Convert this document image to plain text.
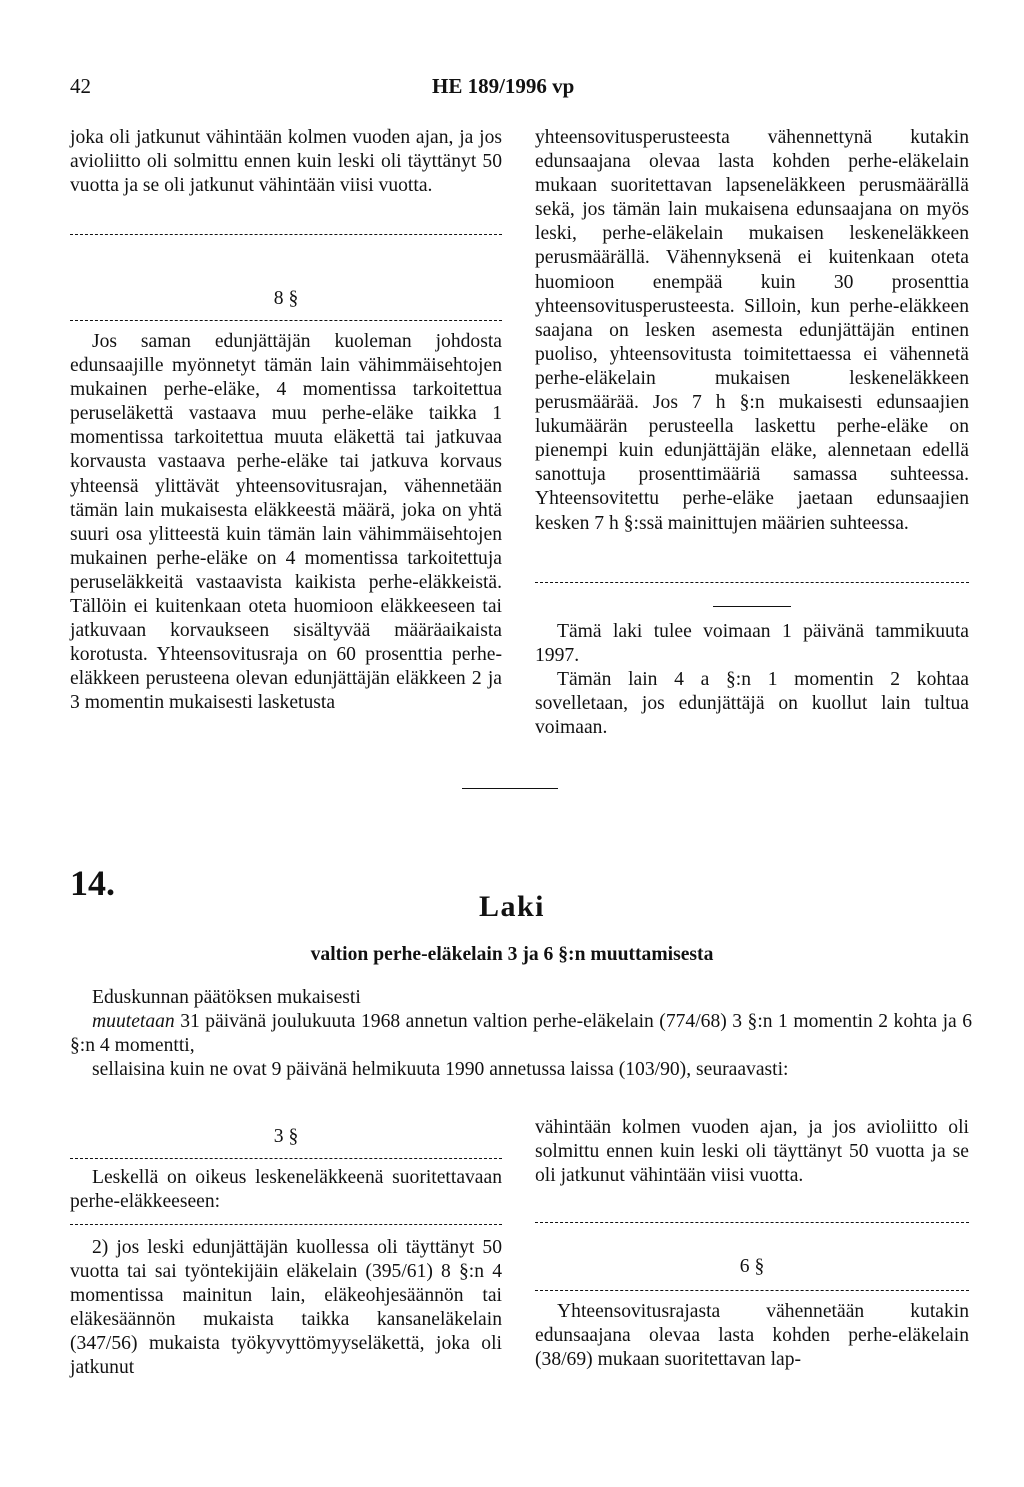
42	HE 189/1996 vp

joka oli jatkunut vähintään kolmen vuoden ajan, ja jos avioliitto oli solmittu ennen kuin leski oli täyttänyt 50 vuotta ja se oli jatkunut vähintään viisi vuotta.

8 §

Jos saman edunjättäjän kuoleman johdosta edunsaajille myönnetyt tämän lain vähimmäisehtojen mukainen perhe-eläke, 4 momentissa tarkoitettua peruseläkettä vastaava muu perhe-eläke taikka 1 momentissa tarkoitettua muuta eläkettä tai jatkuvaa korvausta vastaava perhe-eläke tai jatkuva korvaus yhteensä ylittävät yhteensovitusrajan, vähennetään tämän lain mukaisesta eläkkeestä määrä, joka on yhtä suuri osa ylitteestä kuin tämän lain vähimmäisehtojen mukainen perhe-eläke on 4 momentissa tarkoitettuja peruseläkkeitä vastaavista kaikista perhe-eläkkeistä. Tällöin ei kuitenkaan oteta huomioon eläkkeeseen tai jatkuvaan korvaukseen sisältyvää määräaikaista korotusta. Yhteensovitusraja on 60 prosenttia perhe-eläkkeen perusteena olevan edunjättäjän eläkkeen 2 ja 3 momentin mukaisesti lasketusta

yhteensovitusperusteesta vähennettynä kutakin edunsaajana olevaa lasta kohden perhe-eläkelain mukaan suoritettavan lapseneläkkeen perusmäärällä sekä, jos tämän lain mukaisena edunsaajana on myös leski, perhe-eläkelain mukaisen leskeneläkkeen perusmäärällä. Vähennyksenä ei kuitenkaan oteta huomioon enempää kuin 30 prosenttia yhteensovitusperusteesta. Silloin, kun perhe-eläkkeen saajana on lesken asemesta edunjättäjän entinen puoliso, yhteensovitusta toimitettaessa ei vähennetä perhe-eläkelain mukaisen leskeneläkkeen perusmäärää. Jos 7 h §:n mukaisesti edunsaajien lukumäärän perusteella laskettu perhe-eläke on pienempi kuin edunjättäjän eläke, alennetaan edellä sanottuja prosenttimääriä samassa suhteessa. Yhteensovitettu perhe-eläke jaetaan edunsaajien kesken 7 h §:ssä mainittujen määrien suhteessa.

Tämä laki tulee voimaan 1 päivänä tammikuuta 1997.

Tämän lain 4 a §:n 1 momentin 2 kohtaa sovelletaan, jos edunjättäjä on kuollut lain tultua voimaan.

14.
Laki
valtion perhe-eläkelain 3 ja 6 §:n muuttamisesta

Eduskunnan päätöksen mukaisesti

muutetaan 31 päivänä joulukuuta 1968 annetun valtion perhe-eläkelain (774/68) 3 §:n 1 momentin 2 kohta ja 6 §:n 4 momentti,

sellaisina kuin ne ovat 9 päivänä helmikuuta 1990 annetussa laissa (103/90), seuraavasti:

3 §

Leskellä on oikeus leskeneläkkeenä suoritettavaan perhe-eläkkeeseen:

2) jos leski edunjättäjän kuollessa oli täyttänyt 50 vuotta tai sai työntekijäin eläkelain (395/61) 8 §:n 4 momentissa mainitun lain, eläkeohjesäännön tai eläkesäännön mukaista taikka kansaneläkelain (347/56) mukaista työkyvyttömyyseläkettä, joka oli jatkunut

vähintään kolmen vuoden ajan, ja jos avioliitto oli solmittu ennen kuin leski oli täyttänyt 50 vuotta ja se oli jatkunut vähintään viisi vuotta.

6 §

Yhteensovitusrajasta vähennetään kutakin edunsaajana olevaa lasta kohden perhe-eläkelain (38/69) mukaan suoritettavan lap-
